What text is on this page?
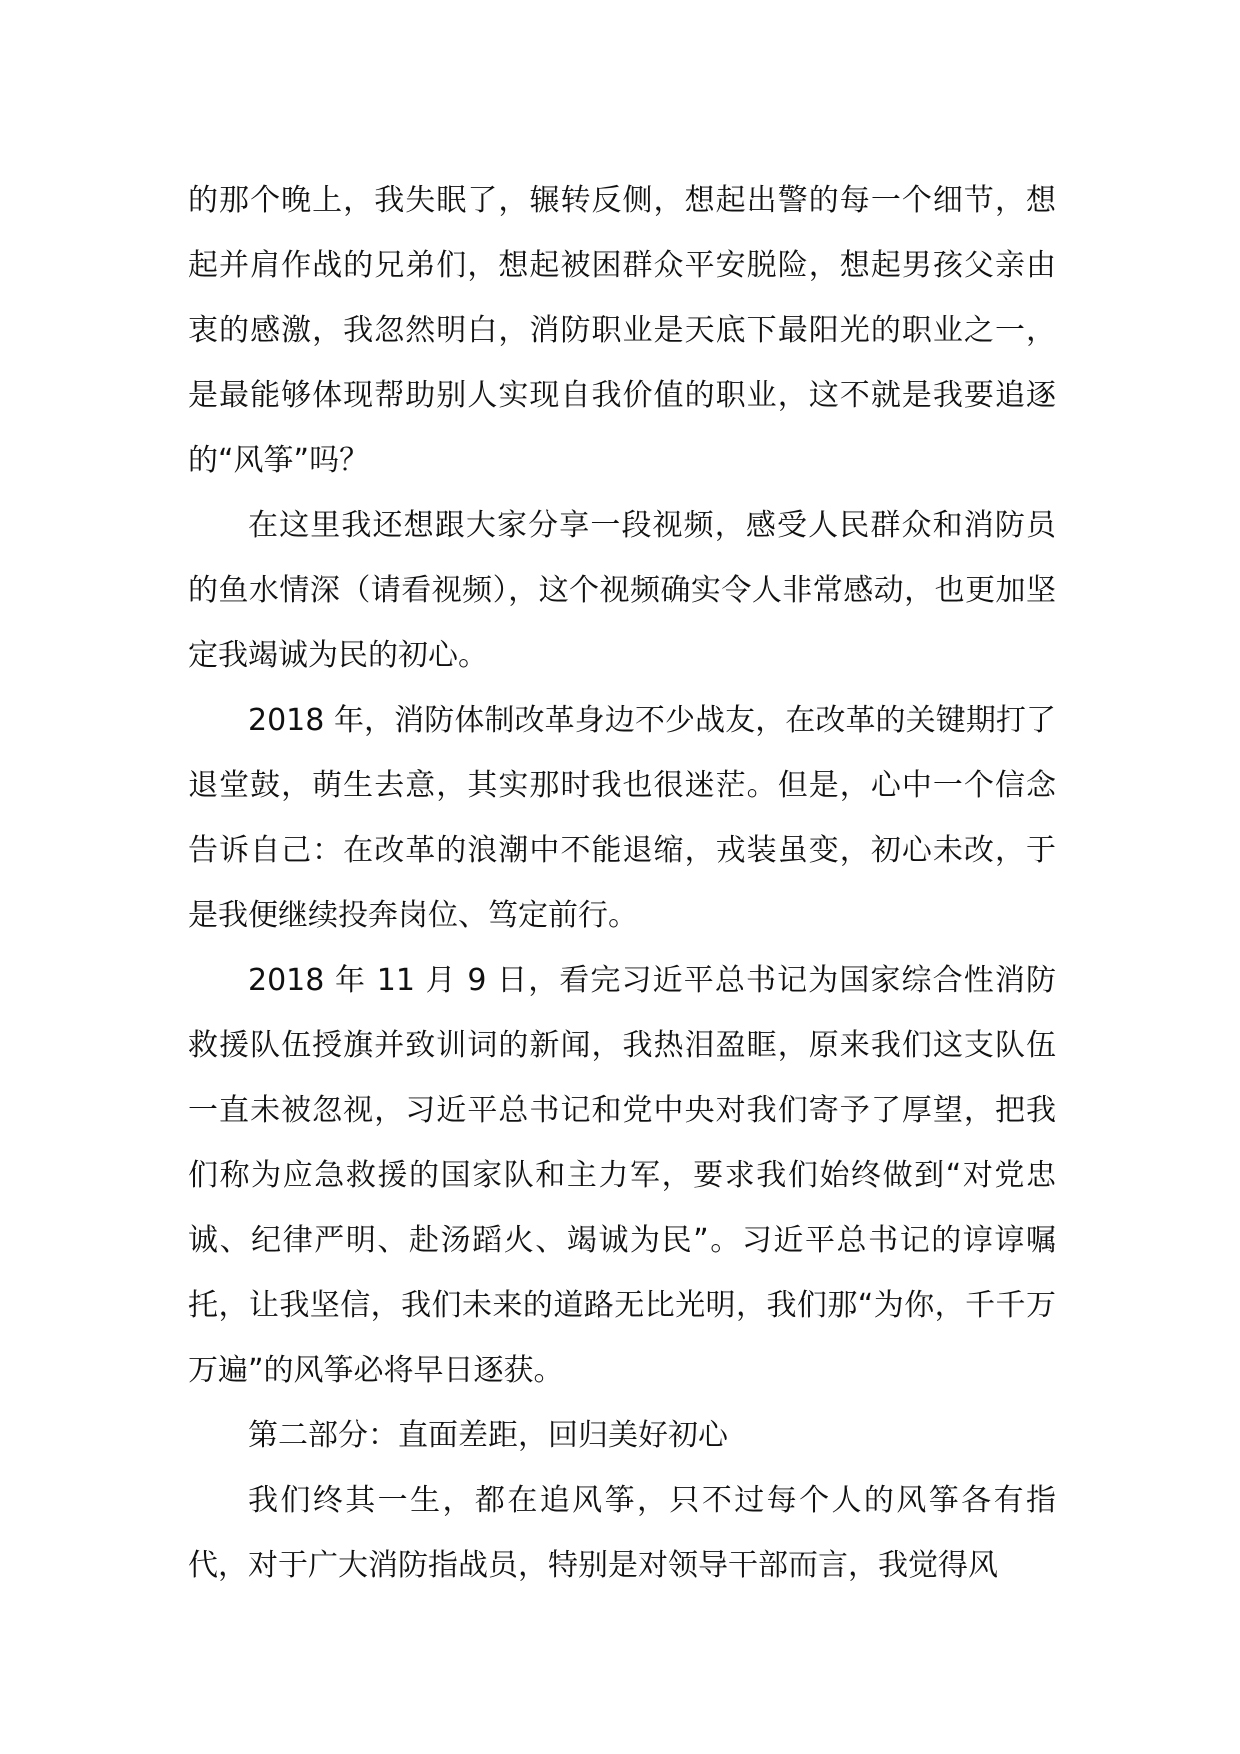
的那个晚上，我失眠了，辗转反侧，想起出警的每一个细节，想起并肩作战的兄弟们，想起被困群众平安脱险，想起男孩父亲由衷的感激，我忽然明白，消防职业是天底下最阳光的职业之一，是最能够体现帮助别人实现自我价值的职业，这不就是我要追逐的“风筝”吗？

在这里我还想跟大家分享一段视频，感受人民群众和消防员的鱼水情深（请看视频），这个视频确实令人非常感动，也更加坚定我竭诚为民的初心。

2018 年，消防体制改革身边不少战友，在改革的关键期打了退堂鼓，萌生去意，其实那时我也很迷茫。但是，心中一个信念告诉自己：在改革的浪潮中不能退缩，戎装虽变，初心未改，于是我便继续投奔岗位、笃定前行。

2018 年 11 月 9 日，看完习近平总书记为国家综合性消防救援队伍授旗并致训词的新闻，我热泪盈眶，原来我们这支队伍一直未被忽视，习近平总书记和党中央对我们寄予了厚望，把我们称为应急救援的国家队和主力军，要求我们始终做到“对党忠诚、纪律严明、赴汤蹈火、竭诚为民”。习近平总书记的谆谆嘱托，让我坚信，我们未来的道路无比光明，我们那“为你，千千万万遍”的风筝必将早日逐获。

第二部分：直面差距，回归美好初心

我们终其一生，都在追风筝，只不过每个人的风筝各有指代，对于广大消防指战员，特别是对领导干部而言，我觉得风
